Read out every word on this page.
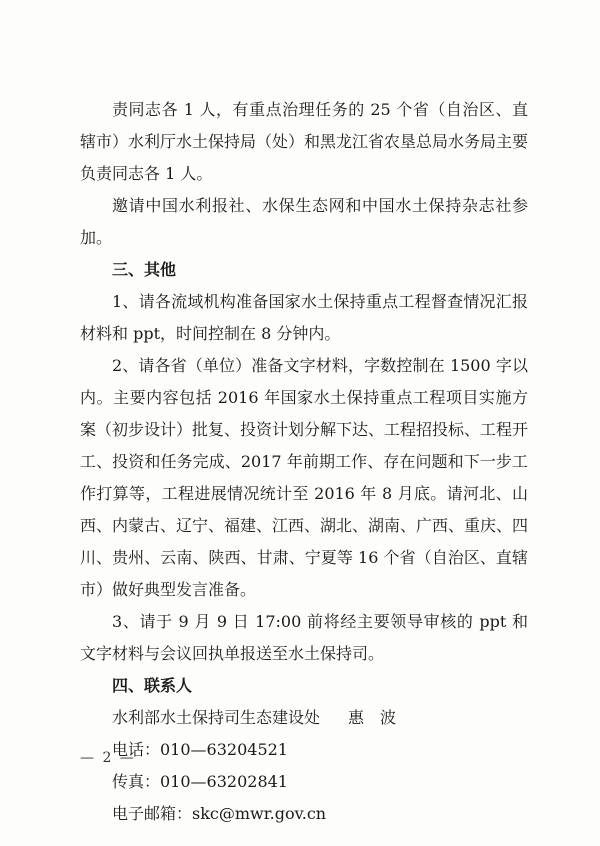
责同志各 1 人，有重点治理任务的 25 个省（自治区、直辖市）水利厅水土保持局（处）和黑龙江省农垦总局水务局主要负责同志各 1 人。

邀请中国水利报社、水保生态网和中国水土保持杂志社参加。

三、其他

1、请各流域机构准备国家水土保持重点工程督查情况汇报材料和 ppt，时间控制在 8 分钟内。

2、请各省（单位）准备文字材料，字数控制在 1500 字以内。主要内容包括 2016 年国家水土保持重点工程项目实施方案（初步设计）批复、投资计划分解下达、工程招投标、工程开工、投资和任务完成、2017 年前期工作、存在问题和下一步工作打算等，工程进展情况统计至 2016 年 8 月底。请河北、山西、内蒙古、辽宁、福建、江西、湖北、湖南、广西、重庆、四川、贵州、云南、陕西、甘肃、宁夏等 16 个省（自治区、直辖市）做好典型发言准备。

3、请于 9 月 9 日 17:00 前将经主要领导审核的 ppt 和文字材料与会议回执单报送至水土保持司。

四、联系人

水利部水土保持司生态建设处 惠　波

电话：010—63204521

传真：010—63202841

电子邮箱：skc@mwr.gov.cn

— 2 —
